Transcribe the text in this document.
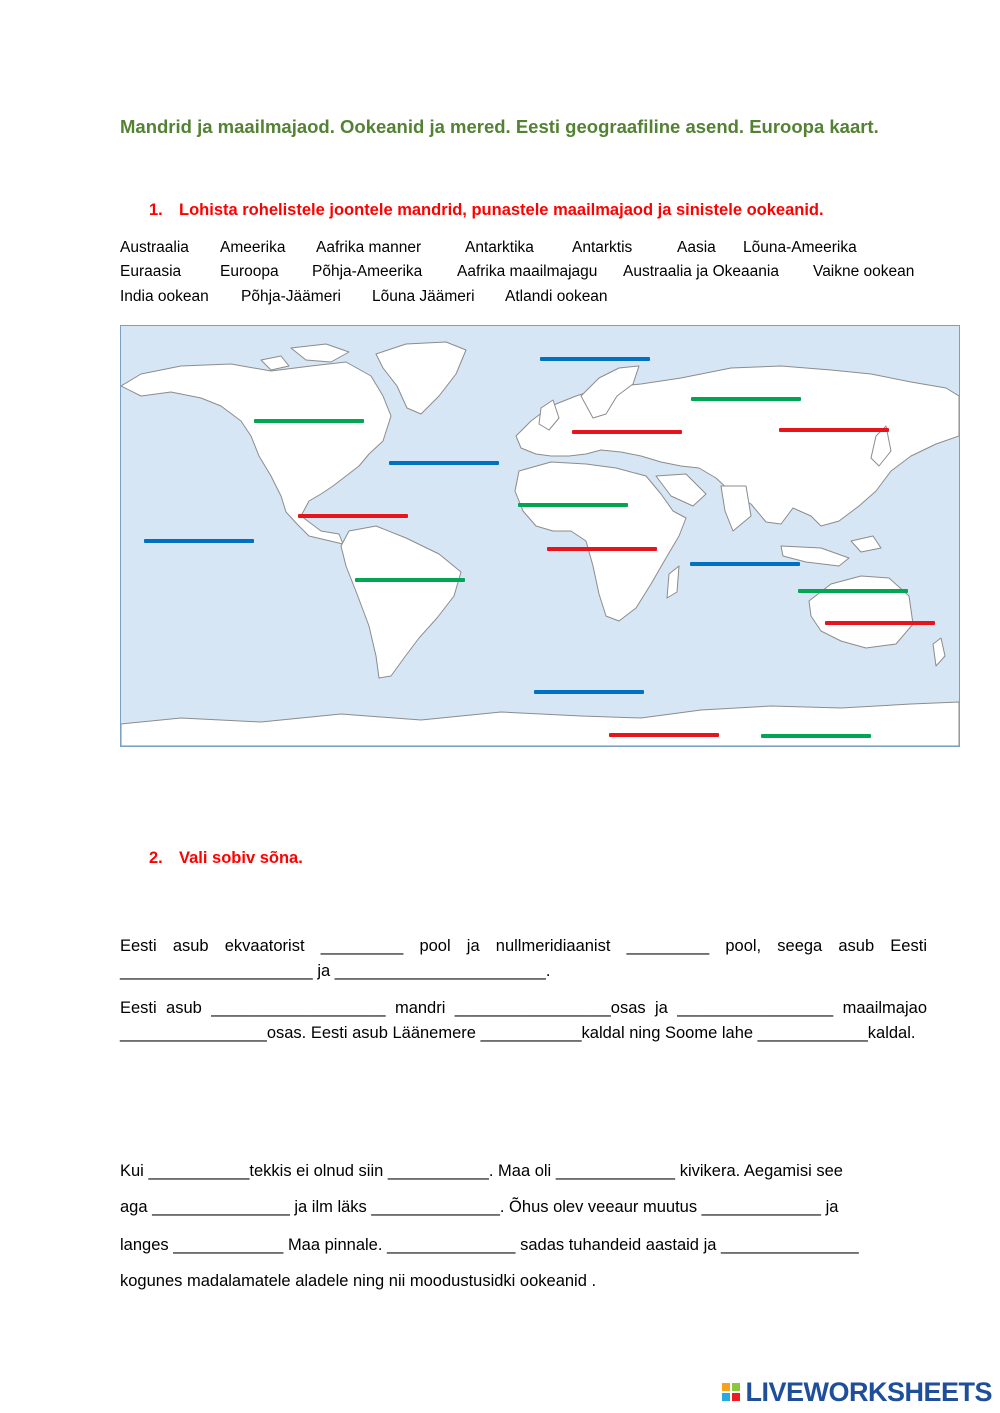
Mandrid ja maailmajaod. Ookeanid ja mered. Eesti geograafiline asend. Euroopa kaart.
1. Lohista rohelistele joontele mandrid, punastele maailmajaod ja sinistele ookeanid.
Austraalia Ameerika Aafrika manner	Antarktika Antarktis	Aasia Lõuna-Ameerika
Euraasia	Euroopa Põhja-Ameerika Aafrika maailmajagu Austraalia ja Okeaania Vaikne ookean
India ookean Põhja-Jäämeri Lõuna Jäämeri Atlandi ookean
2. Vali sobiv sõna.
Eesti asub ekvaatorist _________ pool ja nullmeridiaanist _________ pool, seega asub Eesti _____________________ ja _______________________.
Eesti asub ___________________ mandri _________________osas ja _________________ maailmajao ________________osas. Eesti asub Läänemere ___________kaldal ning Soome lahe ____________kaldal.
Kui ___________tekkis ei olnud siin ___________. Maa oli _____________ kivikera. Aegamisi see
aga _______________ ja ilm läks ______________. Õhus olev veeaur muutus _____________ ja
langes ____________ Maa pinnale. ______________ sadas tuhandeid aastaid ja _______________
kogunes madalamatele aladele ning nii moodustusidki ookeanid .
LIVEWORKSHEETS
